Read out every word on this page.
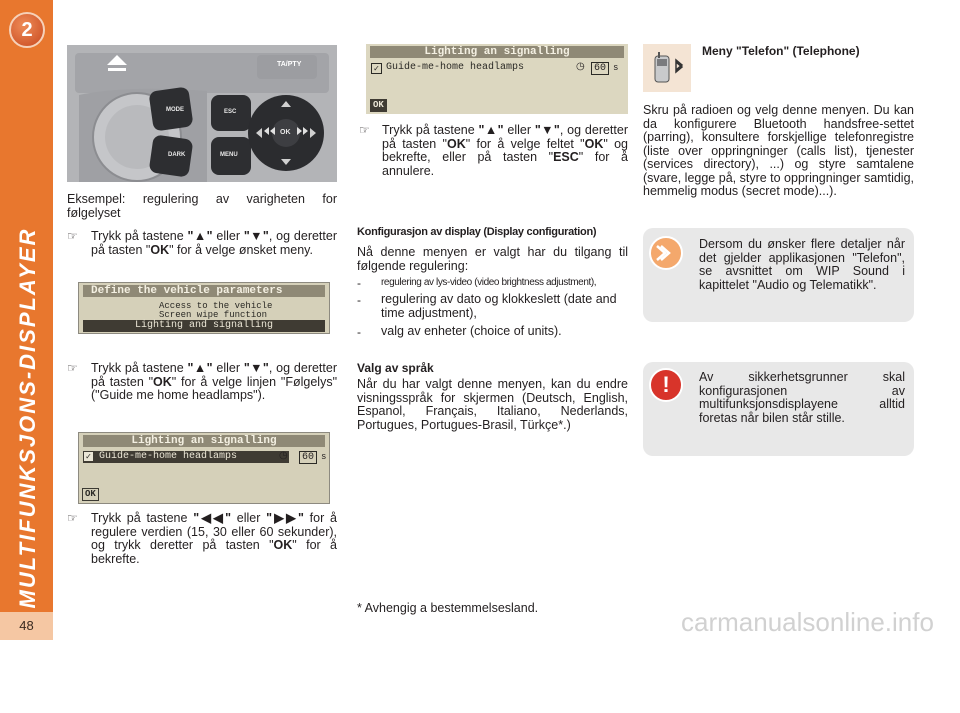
2
MULTIFUNKSJONS-DISPLAYER
48
MODE
DARK
ESC
MENU
OK
TA/PTY

Eksempel: regulering av varigheten for følgelyset

☞ Trykk på tastene "▲" eller "▼", og deretter på tasten "OK" for å velge ønsket meny.

Define the vehicle parameters
Access to the vehicle
Screen wipe function
Lighting and signalling
☞ Trykk på tastene "▲" eller "▼", og deretter på tasten "OK" for å velge linjen "Følgelys" ("Guide me home headlamps").

Lighting an signalling
Guide-me-home headlamps
✓	◷	60 s
OK
☞ Trykk på tastene "◀◀" eller "▶▶" for å regulere verdien (15, 30 eller 60 sekunder), og trykk deretter på tasten "OK" for å bekrefte.

Lighting an signalling
Guide-me-home headlamps
✓	◷ 60 s
OK
☞ Trykk på tastene "▲" eller "▼", og deretter på tasten "OK" for å velge feltet "OK" og bekrefte, eller på tasten "ESC" for å annulere.

Konfigurasjon av display (Display configuration)

Nå denne menyen er valgt har du tilgang til følgende regulering:

- regulering av lys-video (video brightness adjustment),
- regulering av dato og klokkeslett (date and time adjustment),

- valg av enheter (choice of units).

Valg av språk

Når du har valgt denne menyen, kan du endre visningsspråk for skjermen (Deutsch, English, Espanol, Français, Italiano, Nederlands, Portugues, Portugues-Brasil, Türkçe*.)

* Avhengig a bestemmelsesland.
Meny "Telefon" (Telephone)

Skru på radioen og velg denne menyen. Du kan da konfigurere Bluetooth handsfree-settet (parring), konsultere forskjellige telefonregistre (liste over oppringninger (calls list), tjenester (services directory), ...) og styre samtalene (svare, legge på, styre to oppringninger samtidig, hemmelig modus (secret mode)...).

Dersom du ønsker flere detaljer når det gjelder applikasjonen "Telefon", se avsnittet om WIP Sound i kapittelet "Audio og Telematikk".

!	Av sikkerhetsgrunner skal konfigurasjonen av multifunksjonsdisplayene alltid foretas når bilen står stille.

carmanualsonline.info
